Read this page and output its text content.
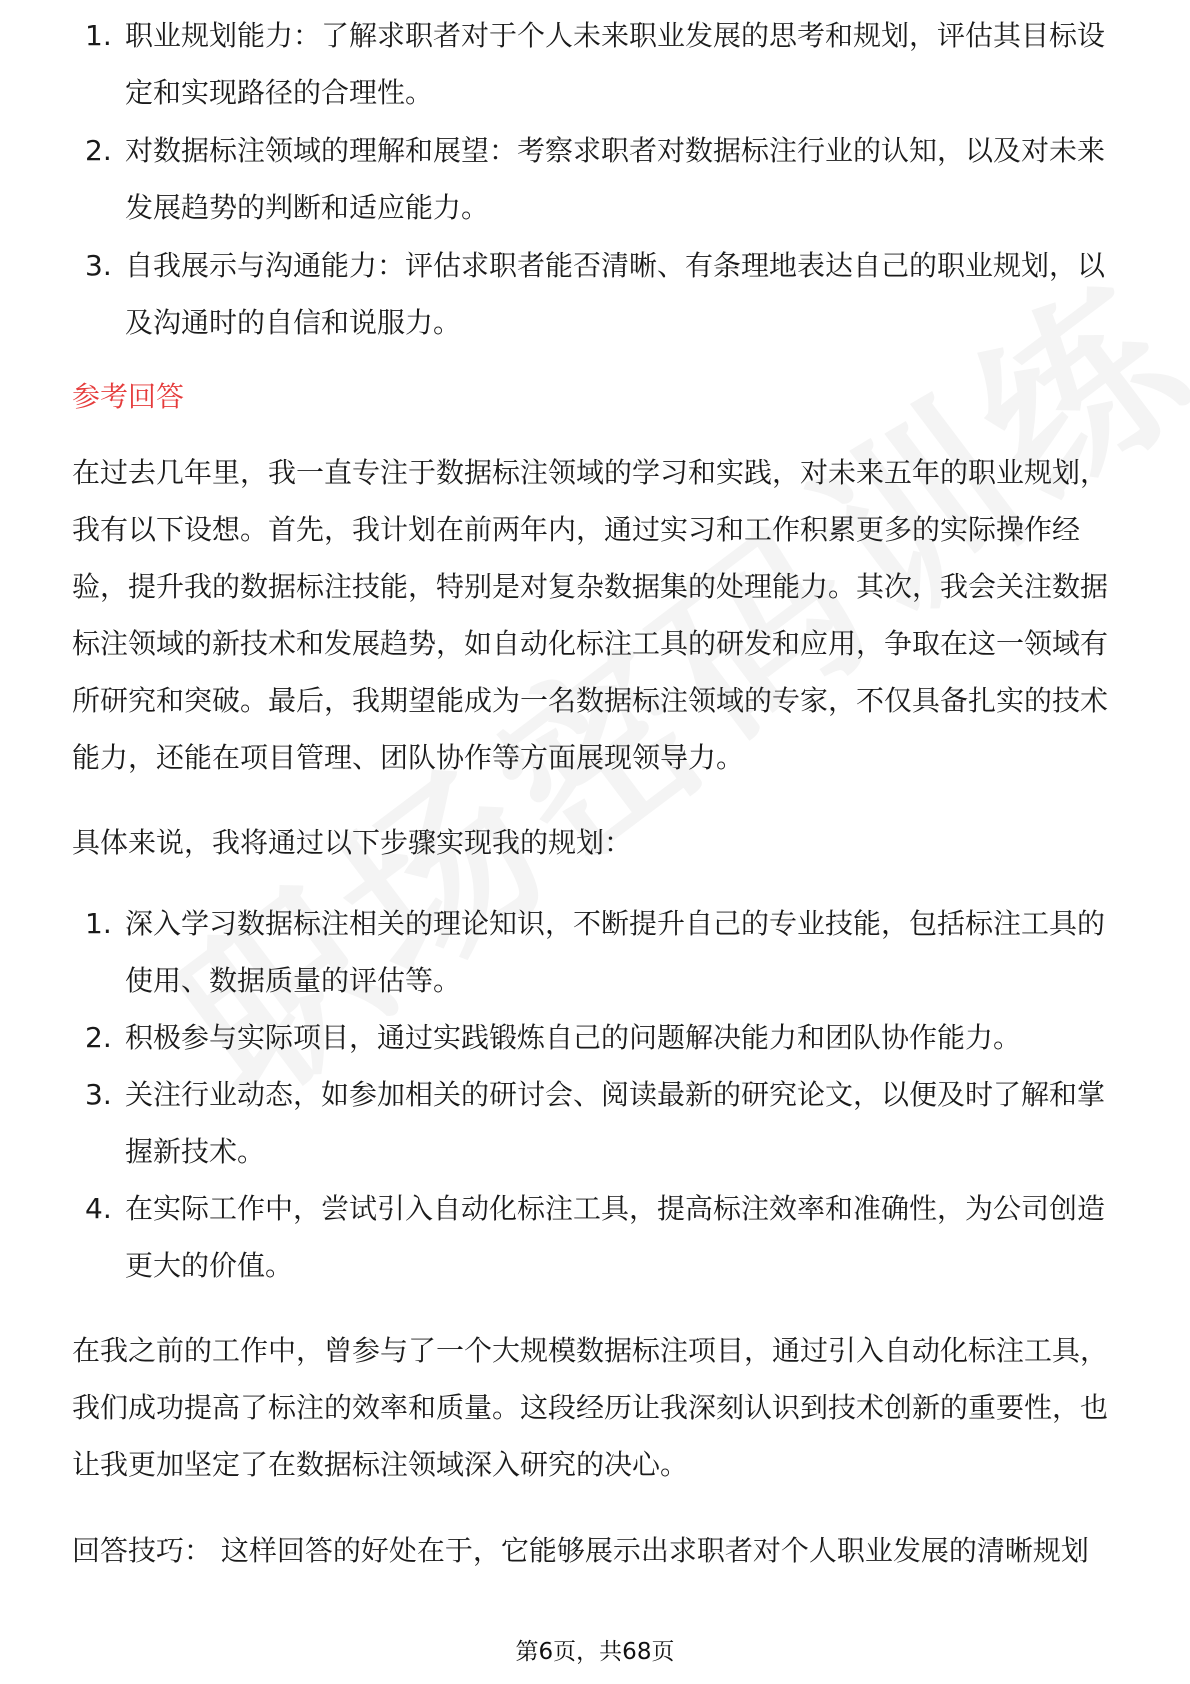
1. 职业规划能力：了解求职者对于个人未来职业发展的思考和规划，评估其目标设定和实现路径的合理性。
2. 对数据标注领域的理解和展望：考察求职者对数据标注行业的认知，以及对未来发展趋势的判断和适应能力。
3. 自我展示与沟通能力：评估求职者能否清晰、有条理地表达自己的职业规划，以及沟通时的自信和说服力。
参考回答

在过去几年里，我一直专注于数据标注领域的学习和实践，对未来五年的职业规划，我有以下设想。首先，我计划在前两年内，通过实习和工作积累更多的实际操作经验，提升我的数据标注技能，特别是对复杂数据集的处理能力。其次，我会关注数据标注领域的新技术和发展趋势，如自动化标注工具的研发和应用，争取在这一领域有所研究和突破。最后，我期望能成为一名数据标注领域的专家，不仅具备扎实的技术能力，还能在项目管理、团队协作等方面展现领导力。

具体来说，我将通过以下步骤实现我的规划：

1. 深入学习数据标注相关的理论知识，不断提升自己的专业技能，包括标注工具的使用、数据质量的评估等。
2. 积极参与实际项目，通过实践锻炼自己的问题解决能力和团队协作能力。
3. 关注行业动态，如参加相关的研讨会、阅读最新的研究论文，以便及时了解和掌握新技术。
4. 在实际工作中，尝试引入自动化标注工具，提高标注效率和准确性，为公司创造更大的价值。

在我之前的工作中，曾参与了一个大规模数据标注项目，通过引入自动化标注工具，我们成功提高了标注的效率和质量。这段经历让我深刻认识到技术创新的重要性，也让我更加坚定了在数据标注领域深入研究的决心。

回答技巧： 这样回答的好处在于，它能够展示出求职者对个人职业发展的清晰规划

第6页，共68页
